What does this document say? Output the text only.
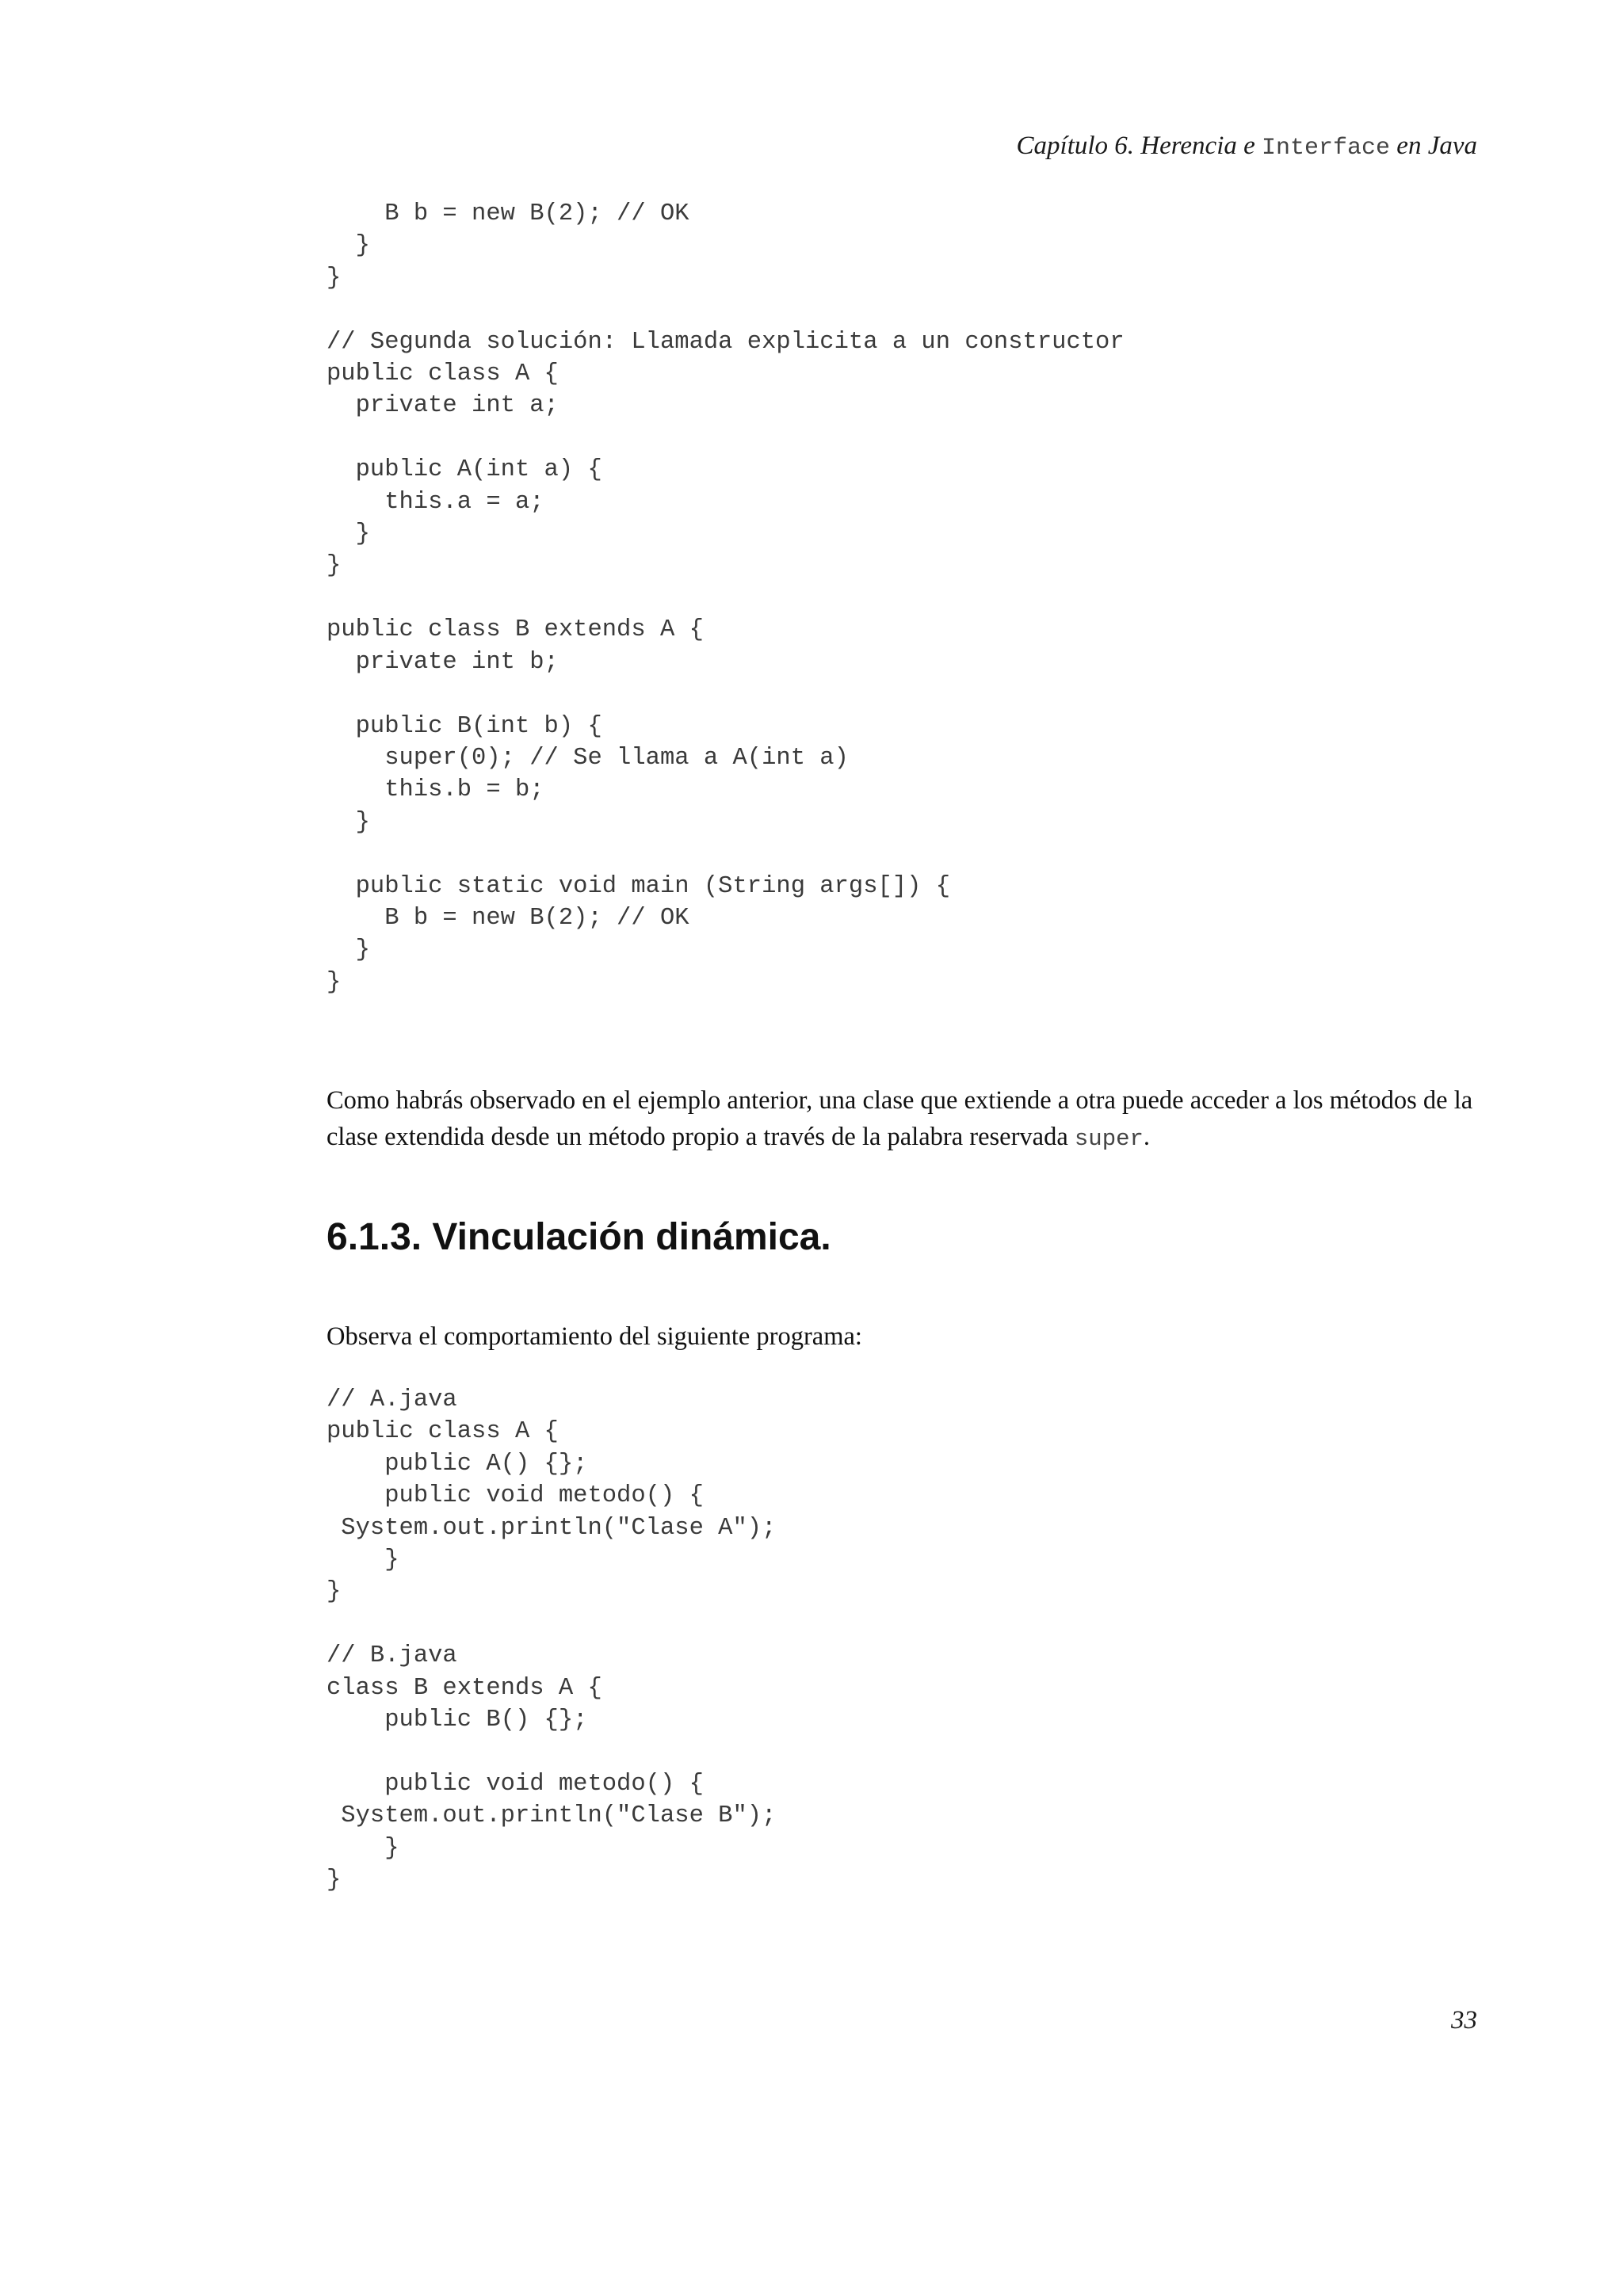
Capítulo 6. Herencia e Interface en Java
B b = new B(2); // OK
}
}

// Segunda solución: Llamada explicita a un constructor
public class A {
private int a;

public A(int a) {
this.a = a;
}
}

public class B extends A {
private int b;

public B(int b) {
super(0); // Se llama a A(int a)
this.b = b;
}

public static void main (String args[]) {
B b = new B(2); // OK
}
}

Como habrás observado en el ejemplo anterior, una clase que extiende a otra puede acceder a los métodos de la clase extendida desde un método propio a través de la palabra reservada super.

6.1.3. Vinculación dinámica.

Observa el comportamiento del siguiente programa:

// A.java
public class A {
public A() {};
public void metodo() {
System.out.println("Clase A");
}
}

// B.java
class B extends A {
public B() {};

public void metodo() {
System.out.println("Clase B");
}
}
33
